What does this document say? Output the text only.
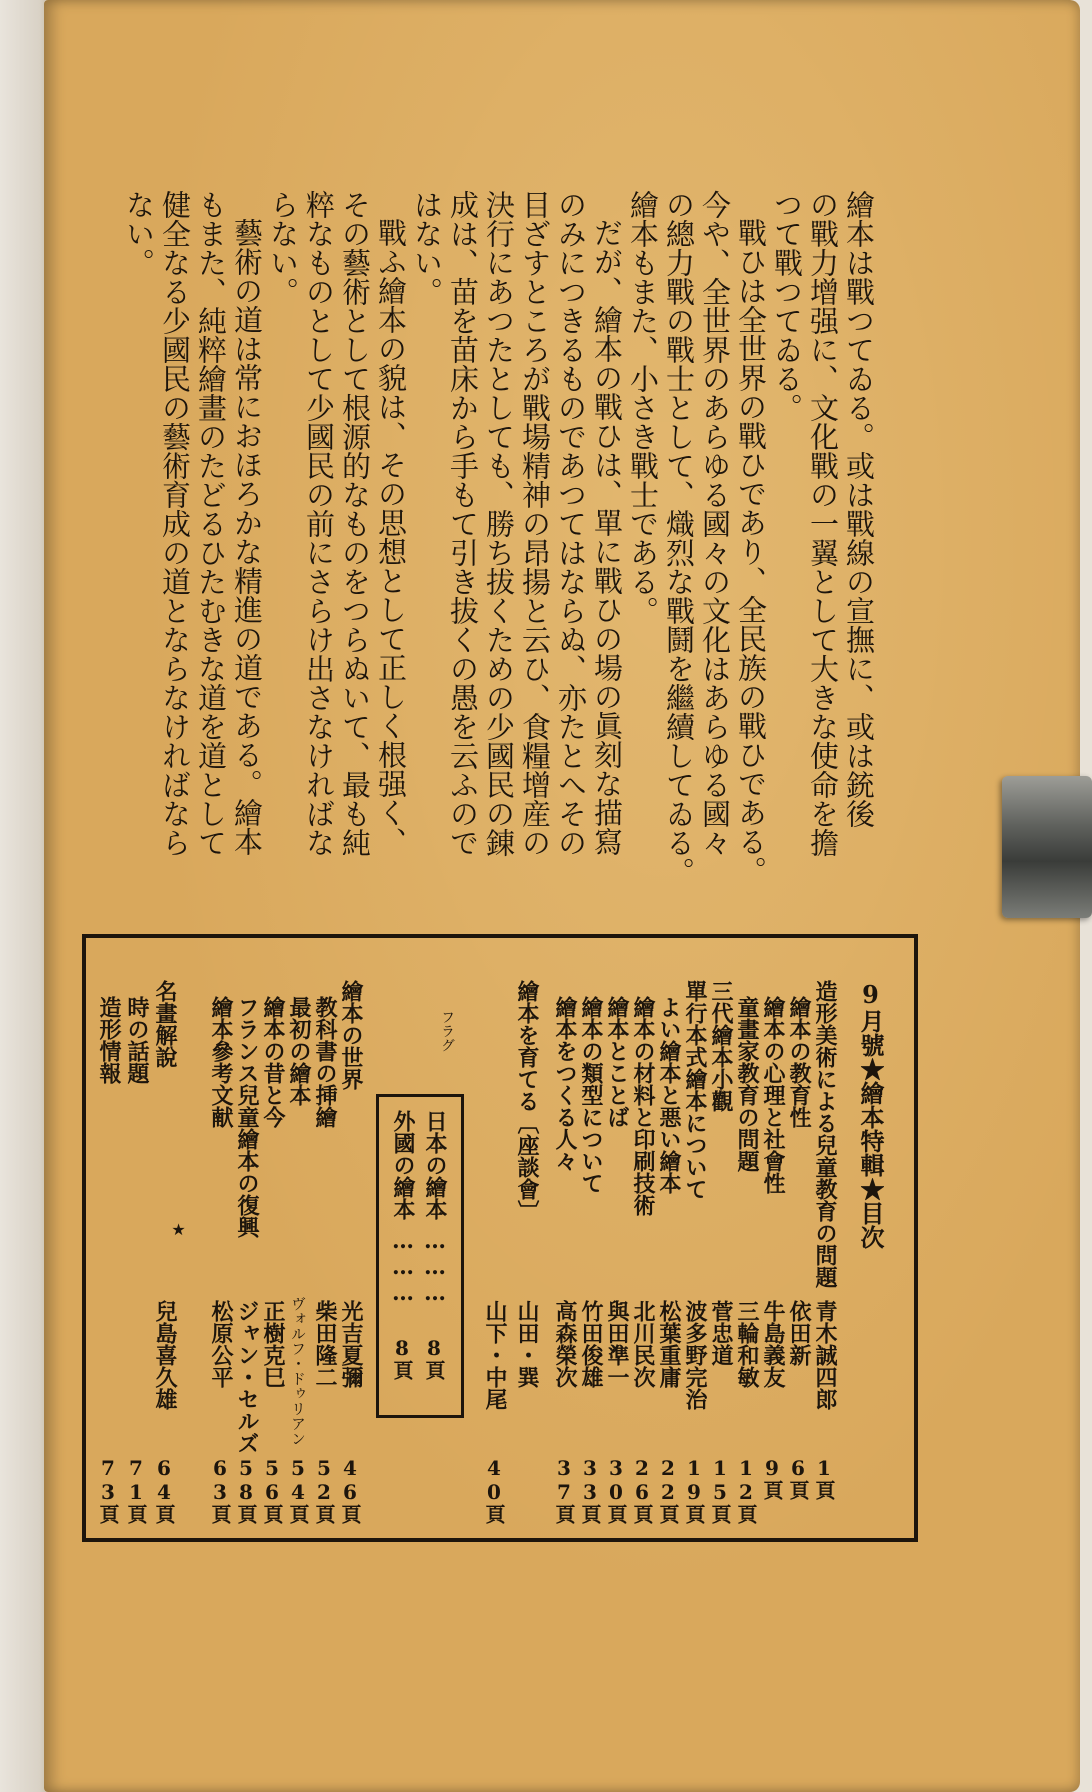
繪本は戰つてゐる。或は戰線の宣撫に、或は銃後
の戰力增强に、文化戰の一翼として大きな使命を擔
つて戰つてゐる。
戰ひは全世界の戰ひであり、全民族の戰ひである。
今や、全世界のあらゆる國々の文化はあらゆる國々
の總力戰の戰士として、熾烈な戰鬪を繼續してゐる。
繪本もまた、小さき戰士である。
だが、繪本の戰ひは、單に戰ひの場の眞刻な描寫
のみにつきるものであつてはならぬ、亦たとへその
目ざすところが戰場精神の昂揚と云ひ、食糧增産の
決行にあつたとしても、勝ち拔くための少國民の錬
成は、苗を苗床から手もて引き拔くの愚を云ふので
はない。
戰ふ繪本の貌は、その思想として正しく根强く、
その藝術として根源的なものをつらぬいて、最も純
粹なものとして少國民の前にさらけ出さなければな
らない。
藝術の道は常におほろかな精進の道である。繪本
もまた、純粹繪畫のたどるひたむきな道を道として
健全なる少國民の藝術育成の道とならなければなら
ない。
9月號★繪本特輯★目次
造形美術による兒童教育の問題
繪本の教育性
繪本の心理と社會性
童畫家教育の問題
三代繪本小觀
單行本式繪本について
よい繪本と悪い繪本
繪本の材料と印刷技術
繪本とことば
繪本の類型について
繪本をつくる人々
繪本を育てる〔座談會〕
青木誠四郎
依田新
牛島義友
三輪和敏
菅忠道
波多野完治
松葉重庸
北川民次
與田準一
竹田俊雄
高森榮次
山田・巽
山下・中尾
1頁
6頁
9頁
12頁
15頁
19頁
22頁
26頁
30頁
33頁
37頁
40頁
フラグ
日本の繪本
………
8頁
外國の繪本
………
8頁
繪本の世界
教科書の挿繪
最初の繪本
繪本の昔と今
フランス兒童繪本の復興
繪本參考文献
名畫解說
時の話題
造形情報
★
光吉夏彌
柴田隆二
ヴォルフ・ドゥリアン
正樹克巳
ジャン・セルズ
松原公平
兒島喜久雄
46頁
52頁
54頁
56頁
58頁
63頁
64頁
71頁
73頁
